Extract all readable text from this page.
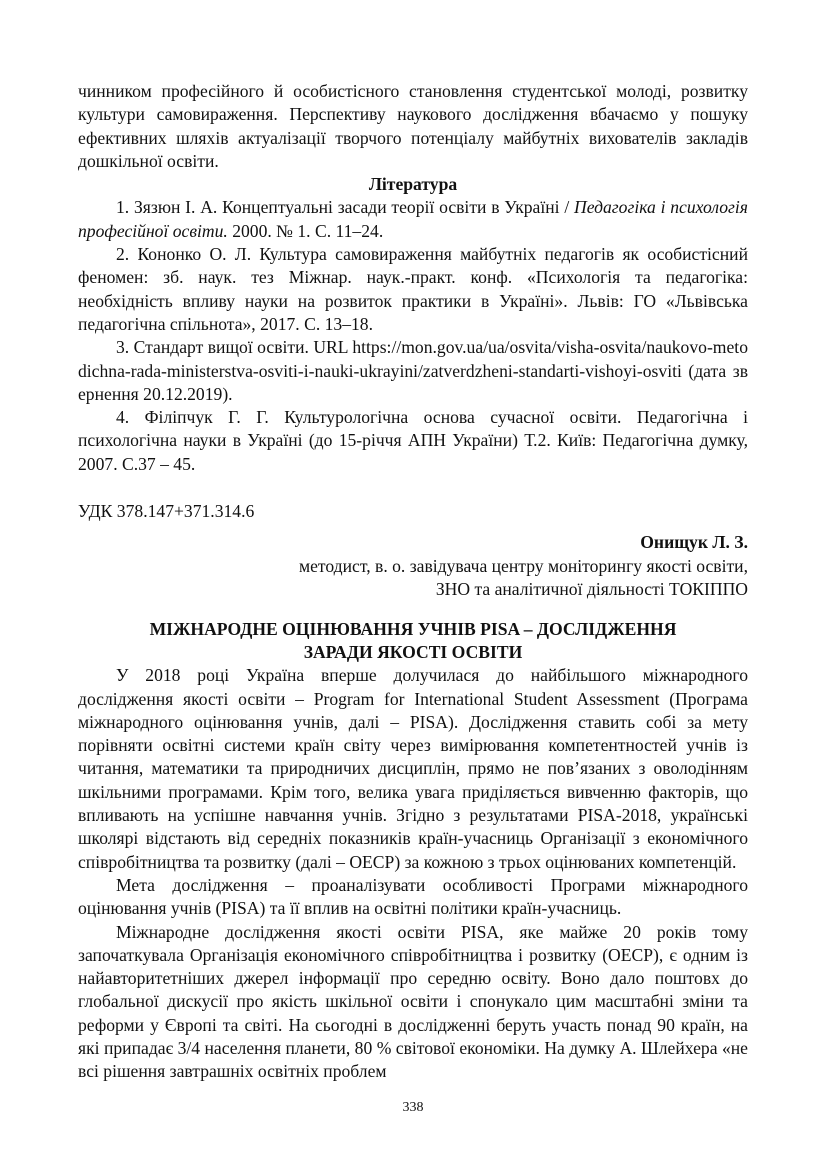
чинником професійного й особистісного становлення студентської молоді, розвитку культури самовираження. Перспективу наукового дослідження вбачаємо у пошуку ефективних шляхів актуалізації творчого потенціалу майбутніх вихователів закладів дошкільної освіти.

Література

1. Зязюн І. А. Концептуальні засади теорії освіти в Україні / Педагогіка і психологія професійної освіти. 2000. № 1. С. 11–24.

2. Кононко О. Л. Культура самовираження майбутніх педагогів як особистісний феномен: зб. наук. тез Міжнар. наук.-практ. конф. «Психологія та педагогіка: необхідність впливу науки на розвиток практики в Україні». Львів: ГО «Львівська педагогічна спільнота», 2017. С. 13–18.

3. Стандарт вищої освіти. URL https://mon.gov.ua/ua/osvita/visha-osvita/naukovo-metodichna-rada-ministerstva-osviti-i-nauki-ukrayini/zatverdzheni-standarti-vishoyi-osviti (дата звернення 20.12.2019).

4. Філіпчук Г. Г. Культурологічна основа сучасної освіти. Педагогічна і психологічна науки в Україні (до 15-річчя АПН України) Т.2. Київ: Педагогічна думку, 2007. С.37 – 45.

УДК 378.147+371.314.6

Онищук Л. З.

методист, в. о. завідувача центру моніторингу якості освіти,

ЗНО та аналітичної діяльності ТОКІППО

МІЖНАРОДНЕ ОЦІНЮВАННЯ УЧНІВ PISA – ДОСЛІДЖЕННЯ
ЗАРАДИ ЯКОСТІ ОСВІТИ

У 2018 році Україна вперше долучилася до найбільшого міжнародного дослідження якості освіти – Program for International Student Assessment (Програма міжнародного оцінювання учнів, далі – PISA). Дослідження ставить собі за мету порівняти освітні системи країн світу через вимірювання компетентностей учнів із читання, математики та природничих дисциплін, прямо не пов’язаних з оволодінням шкільними програмами. Крім того, велика увага приділяється вивченню факторів, що впливають на успішне навчання учнів. Згідно з результатами PISA-2018, українські школярі відстають від середніх показників країн-учасниць Організації з економічного співробітництва та розвитку (далі – OECP) за кожною з трьох оцінюваних компетенцій.

Мета дослідження – проаналізувати особливості Програми міжнародного оцінювання учнів (PISA) та її вплив на освітні політики країн-учасниць.

Міжнародне дослідження якості освіти PISA, яке майже 20 років тому започаткувала Організація економічного співробітництва і розвитку (OECP), є одним із найавторитетніших джерел інформації про середню освіту. Воно дало поштовх до глобальної дискусії про якість шкільної освіти і спонукало цим масштабні зміни та реформи у Європі та світі. На сьогодні в дослідженні беруть участь понад 90 країн, на які припадає 3/4 населення планети, 80 % світової економіки. На думку А. Шлейхера «не всі рішення завтрашніх освітніх проблем

338
